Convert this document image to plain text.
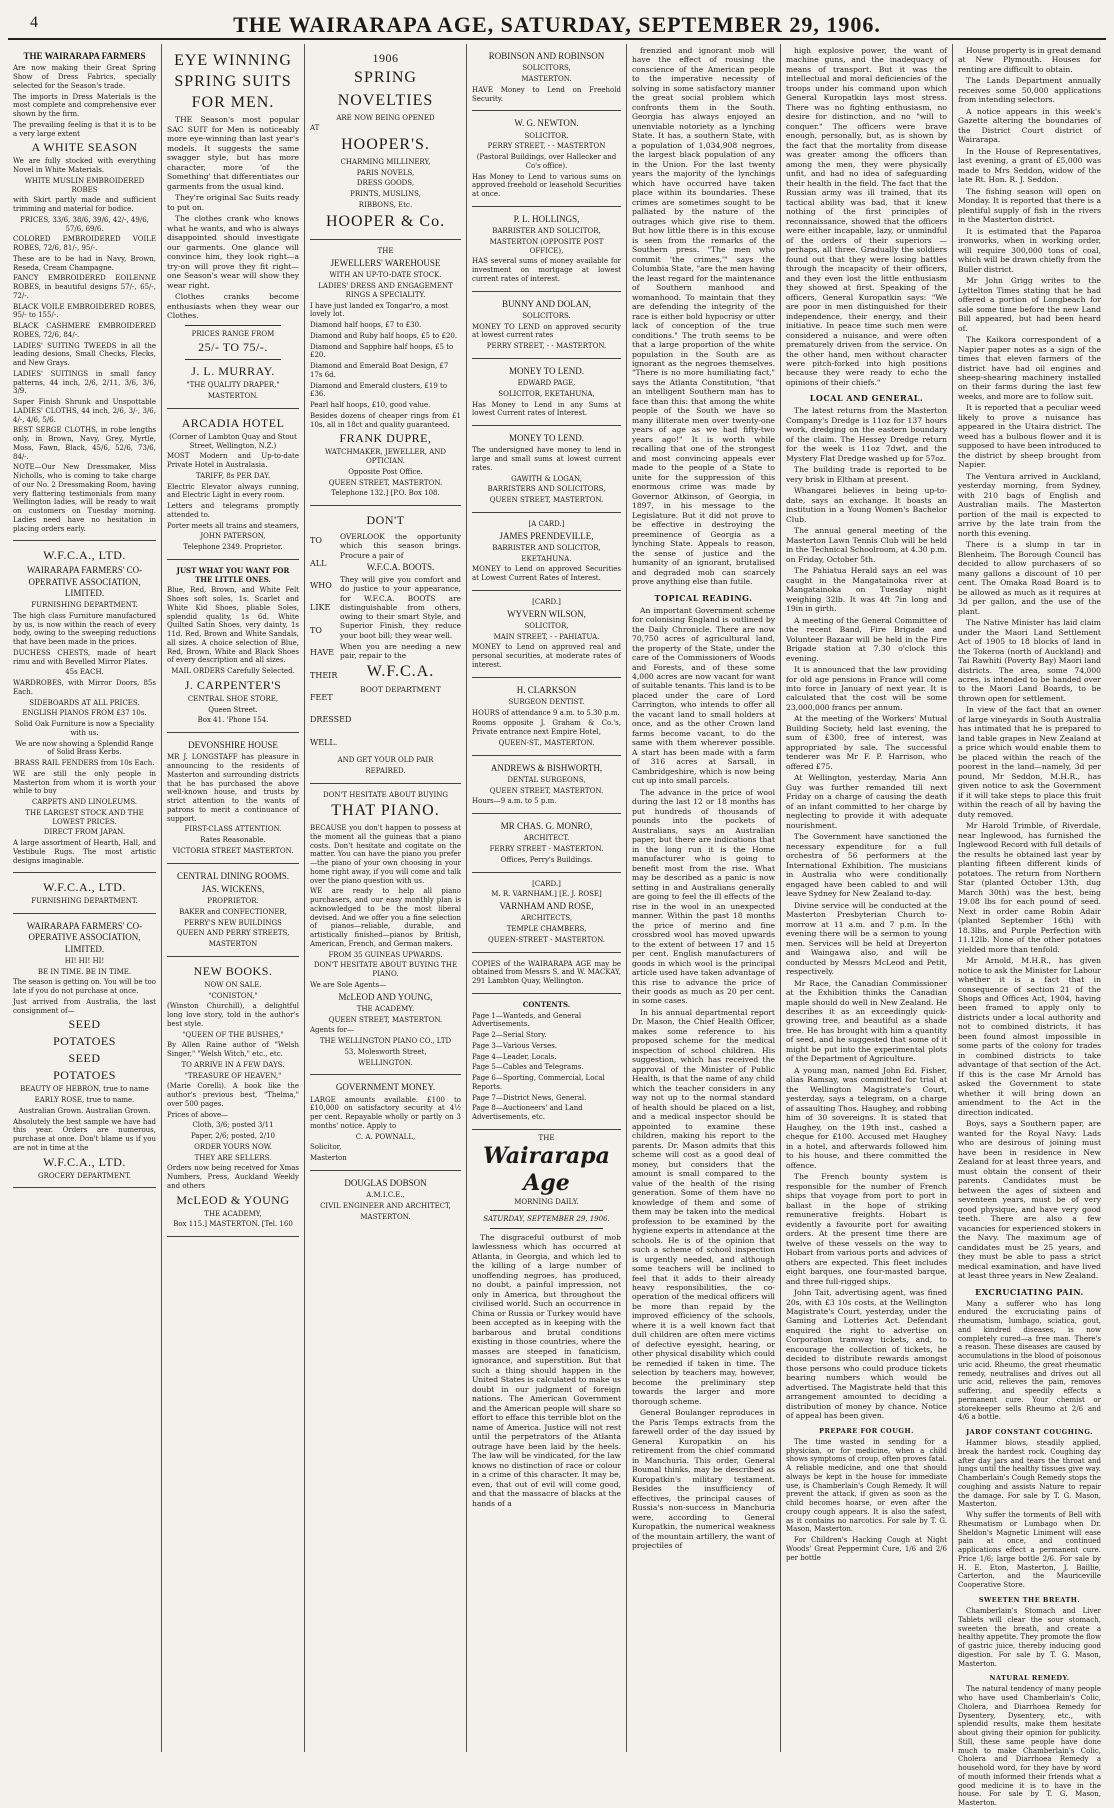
4	THE WAIRARAPA AGE, SATURDAY, SEPTEMBER 29, 1906.

THE WAIRARAPA FARMERS

Are now making their Great Spring Show of Dress Fabrics, specially selected for the Season's trade.

The imports in Dress Materials is the most complete and comprehensive ever shown by the firm.

The prevailing feeling is that it is to be a very large extent

A WHITE SEASON

We are fully stocked with everything Novel in White Materials.

WHITE MUSLIN EMBROIDERED ROBES

with Skirt partly made and sufficient trimming and material for bodice.

PRICES, 33/6, 38/6, 39/6, 42/-, 49/6, 57/6, 69/6.

COLORED EMBROIDERED VOILE ROBES, 72/6, 81/-, 95/-.

These are to be had in Navy, Brown, Reseda, Cream Champagne.

FANCY EMBROIDERED EOILENNE ROBES, in beautiful designs 57/-, 65/-, 72/-.

BLACK VOILE EMBROIDERED ROBES, 95/- to 155/-.

BLACK CASHMERE EMBROIDERED ROBES, 72/6, 84/-.

LADIES' SUITING TWEEDS in all the leading desions, Small Checks, Flecks, and New Grays.

LADIES' SUITINGS in small fancy patterns, 44 inch, 2/6, 2/11, 3/6, 3/6, 3/9.

Super Finish Shrunk and Unspottable LADIES' CLOTHS, 44 inch, 2/6, 3/-, 3/6, 4/-, 4/6, 5/6.

BEST SERGE CLOTHS, in robe lengths only, in Brown, Navy, Grey, Myrtle, Moss, Fawn, Black, 45/6, 52/6, 73/6, 84/-.

NOTE—Our New Dressmaker, Miss Nicholls, who is coming to take charge of our No. 2 Dressmaking Room, having very flattering testimonials from many Wellington ladies, will be ready to wait on customers on Tuesday morning. Ladies need have no hesitation in placing orders early.

W.F.C.A., LTD.

WAIRARAPA FARMERS' CO-OPERATIVE ASSOCIATION, LIMITED.

FURNISHING DEPARTMENT.

The high class Furniture manufactured by us, is now within the reach of every body, owing to the sweeping reductions that have been made in the prices.

DUCHESS CHESTS, made of heart rimu and with Bevelled Mirror Plates.

45s EACH.

WARDROBES, with Mirror Doors, 85s Each.

SIDEBOARDS AT ALL PRICES.

ENGLISH PIANOS FROM £37 10s.

Solid Oak Furniture is now a Speciality with us.

We are now showing a Splendid Range of Solid Brass Kerbs.

BRASS RAIL FENDERS from 10s Each.

WE are still the only people in Masterton from whom it is worth your while to buy

CARPETS AND LINOLEUMS.

THE LARGEST STOCK AND THE LOWEST PRICES.

DIRECT FROM JAPAN.

A large assortment of Hearth, Hall, and Vestibule Rugs. The most artistic designs imaginable.

W.F.C.A., LTD.

FURNISHING DEPARTMENT.

WAIRARAPA FARMERS' CO-OPERATIVE ASSOCIATION, LIMITED.

HI! HI! HI!

BE IN TIME. BE IN TIME.

The season is getting on. You will be too late if you do not purchase at once.

Just arrived from Australia, the last consignment of—

SEED

POTATOES

SEED

POTATOES

BEAUTY OF HEBRON, true to name

EARLY ROSE, true to name.

Australian Grown. Australian Grown.

Absolutely the best sample we have had this year. Orders are numerous, purchase at once. Don't blame us if you are not in time at the

W.F.C.A., LTD.

GROCERY DEPARTMENT.

EYE WINNING SPRING SUITS FOR MEN.

THE Season's most popular SAC SUIT for Men is noticeably more eye-winning than last year's models. It suggests the same swagger style, but has more character, more 'of the Something' that differentiates our garments from the usual kind.

They're original Sac Suits ready to put on.

The clothes crank who knows what he wants, and who is always disappointed should investigate our garments. One glance will convince him, they look right—a try-on will prove they fit right—one Season's wear will show they wear right.

Clothes cranks become enthusiasts when they wear our Clothes.

PRICES RANGE FROM

25/- TO 75/-.

J. L. MURRAY.

"THE QUALITY DRAPER,"

MASTERTON.

ARCADIA HOTEL

(Corner of Lambton Quay and Stout Street, Wellington, N.Z.)

MOST Modern and Up-to-date Private Hotel in Australasia.

TARIFF, 8s PER DAY.

Electric Elevator always running, and Electric Light in every room.

Letters and telegrams promptly attended to.

Porter meets all trains and steamers,

JOHN PATERSON,

Telephone 2349. Proprietor.

JUST WHAT YOU WANT FOR THE LITTLE ONES.

Blue, Red, Brown, and White Felt Shoes soft soles, 1s. Scarlet and White Kid Shoes, pliable Soles, splendid quality, 1s 6d. White Quilted Satin Shoes, very dainty, 1s 11d. Red, Brown and White Sandals, all sizes. A choice selection of Blue, Red, Brown, White and Black Shoes of every description and all sizes.

MAIL ORDERS Carefully Selected.

J. CARPENTER'S

CENTRAL SHOE STORE,

Queen Street.

Box 41. 'Phone 154.

DEVONSHIRE HOUSE

MR J. LONGSTAFF has pleasure in announcing to the residents of Masterton and surrounding districts that he has purchased the above well-known house, and trusts by strict attention to the wants of patrons to merit a continuance of support.

FIRST-CLASS ATTENTION.

Rates Reasonable.

VICTORIA STREET MASTERTON.

CENTRAL DINING ROOMS.

JAS. WICKENS,

PROPRIETOR.

BAKER and CONFECTIONER,

PERRY'S NEW BUILDINGS

QUEEN AND PERRY STREETS,

MASTERTON

NEW BOOKS.

NOW ON SALE.

"CONISTON,"

(Winston Churchill), a delightful long love story, told in the author's best style.

"QUEEN OF THE BUSHES,"

By Allen Raine author of "Welsh Singer," "Welsh Witch," etc., etc.

TO ARRIVE IN A FEW DAYS.

"TREASURE OF HEAVEN,"

(Marie Corelli). A book like the author's previous best, "Thelma," over 500 pages.

Prices of above—

Cloth, 3/6; posted 3/11

Paper, 2/6; posted, 2/10

ORDER YOURS NOW.

THEY ARE SELLERS.

Orders now being received for Xmas Numbers, Press, Auckland Weekly and others

McLEOD & YOUNG

THE ACADEMY,

Box 115.] MASTERTON. [Tel. 160

1906

SPRING

NOVELTIES

ARE NOW BEING OPENED

AT

HOOPER'S.

CHARMING MILLINERY,

PARIS NOVELS,

DRESS GOODS,

PRINTS, MUSLINS,

RIBBONS, Etc.

HOOPER & Co.

THE

JEWELLERS' WAREHOUSE

WITH AN UP-TO-DATE STOCK.

LADIES' DRESS AND ENGAGEMENT RINGS A SPECIALITY.

I have just landed ex Tongar'ro, a most lovely lot.

Diamond half hoops, £7 to £30.

Diamond and Ruby half hoops, £5 to £20.

Diamond and Sapphire half hoops, £5 to £20.

Diamond and Emerald Boat Design, £7 17s 6d.

Diamond and Emerald clusters, £19 to £36.

Pearl half hoops, £10, good value.

Besides dozens of cheaper rings from £1 10s, all in 18ct and quality guaranteed.

FRANK DUPRE,

WATCHMAKER, JEWELLER, AND OPTICIAN.

Opposite Post Office.

QUEEN STREET, MASTERTON.

Telephone 132.] [P.O. Box 108.

DON'T

TO
ALL
WHO
LIKE
TO
HAVE
THEIR
FEET
DRESSED
WELL.

OVERLOOK the opportunity which this season brings. Procure a pair of

W.F.C.A. BOOTS.

They will give you comfort and do justice to your appearance, for W.F.C.A. BOOTS are distinguishable from others, owing to their smart Style, and Superior Finish, they reduce your boot bill; they wear well.

When you are needing a new pair, repair to the

W.F.C.A.

BOOT DEPARTMENT

AND GET YOUR OLD PAIR

REPAIRED.

DON'T HESITATE ABOUT BUYING

THAT PIANO.

BECAUSE you don't happen to possess at the moment all the guineas that a piano costs. Don't hesitate and cogitate on the matter. You can have the piano you prefer—the piano of your own choosing in your home right away, if you will come and talk over the piano question with us.

WE are ready to help all piano purchasers, and our easy monthly plan is acknowledged to be the most liberal devised. And we offer you a fine selection of pianos—reliable, durable, and artistically finished—pianos by British, American, French, and German makers.

FROM 35 GUINEAS UPWARDS.

DON'T HESITATE ABOUT BUYING THE PIANO.

We are Sole Agents—

McLEOD AND YOUNG,

THE ACADEMY.

QUEEN STREET, MASTERTON.

Agents for—

THE WELLINGTON PIANO CO., LTD

53, Molesworth Street,

WELLINGTON.

GOVERNMENT MONEY.

LARGE amounts available. £100 to £10,000 on satisfactory security at 4½ per cent. Repayable wholly or partly on 3 months' notice. Apply to

C. A. POWNALL,

Solicitor,

Masterton

DOUGLAS DOBSON

A.M.I.C.E.,

CIVIL ENGINEER AND ARCHITECT,

MASTERTON.

ROBINSON AND ROBINSON

SOLICITORS,

MASTERTON.

HAVE Money to Lend on Freehold Security.

W. G. NEWTON.

SOLICITOR.

PERRY STREET, - - MASTERTON

(Pastoral Buildings, over Hallecker and Co's office).

Has Money to Lend to various sums on approved freehold or leasehold Securities at once.

P. L. HOLLINGS,

BARRISTER AND SOLICITOR,

MASTERTON (OPPOSITE POST OFFICE),

HAS several sums of money available for investment on mortgage at lowest current rates of interest.

BUNNY AND DOLAN,

SOLICITORS.

MONEY TO LEND on approved security at lowest current rates

PERRY STREET, - - MASTERTON.

MONEY TO LEND.

EDWARD PAGE,

SOLICITOR, EKETAHUNA,

Has Money to Lend in any Sums at lowest Current rates of Interest.

MONEY TO LEND.

The undersigned have money to lend in large and small sums at lowest current rates.

GAWITH & LOGAN,

BARRISTERS AND SOLICITORS,

QUEEN STREET, MASTERTON.

[A CARD.]

JAMES PRENDEVILLE,

BARRISTER AND SOLICITOR,

EKETAHUNA.

MONEY to Lend on approved Securities at Lowest Current Rates of Interest.

[CARD.]

WYVERN WILSON,

SOLICITOR,

MAIN STREET, - - PAHIATUA.

MONEY to Lend on approved real and personal securities, at moderate rates of interest.

H. CLARKSON

SURGEON DENTIST.

HOURS of attendance 9 a.m. to 5.30 p.m.

Rooms opposite J. Graham & Co.'s, Private entrance next Empire Hotel,

QUEEN-ST., MASTERTON.

ANDREWS & BISHWORTH,

DENTAL SURGEONS,

QUEEN STREET, MASTERTON.

Hours—9 a.m. to 5 p.m.

MR CHAS. G. MONRO,

ARCHITECT.

FERRY STREET - MASTERTON.

Offices, Perry's Buildings.

[CARD.]

M. R. VARNHAM.] [E. J. ROSE]

VARNHAM AND ROSE,

ARCHITECTS,

TEMPLE CHAMBERS,

QUEEN-STREET - MASTERTON.

COPIES of the WAIRARAPA AGE may be obtained from Messrs S. and W. MACKAY, 291 Lambton Quay, Wellington.

CONTENTS.

Page 1—Wanteds, and General Advertisements.

Page 2—Serial Story.

Page 3—Various Verses.

Page 4—Leader, Locals.

Page 5—Cables and Telegrams.

Page 6—Sporting, Commercial, Local Reports.

Page 7—District News, General.

Page 8—Auctioneers' and Land Advertisements, etc.

THE

Wairarapa Age

MORNING DAILY.

SATURDAY, SEPTEMBER 29, 1906.

The disgraceful outburst of mob lawlessness which has occurred at Atlanta, in Georgia, and which led to the killing of a large number of unoffending negroes, has produced, no doubt, a painful impression, not only in America, but throughout the civilised world. Such an occurrence in China or Russia or Turkey would have been accepted as in keeping with the barbarous and brutal conditions existing in those countries, where the masses are steeped in fanaticism, ignorance, and superstition. But that such a thing should happen in the United States is calculated to make us doubt in our judgment of foreign nations. The American Government and the American people will share so effort to efface this terrible blot on the name of America. Justice will not rest until the perpetrators of the Atlanta outrage have been laid by the heels. The law will be vindicated, for the law knows no distinction of race or colour in a crime of this character. It may be, even, that out of evil will come good, and that the massacre of blacks at the hands of a

frenzied and ignorant mob will have the effect of rousing the conscience of the American people to the imperative necessity of solving in some satisfactory manner the great social problem which confronts them in the South. Georgia has always enjoyed an unenviable notoriety as a lynching State. It has, a southern State, with a population of 1,034,908 negroes, the largest black population of any in the Union. For the last twenty years the majority of the lynchings which have occurred have taken place within its boundaries. These crimes are sometimes sought to be palliated by the nature of the outrages which give rise to them. But how little there is in this excuse is seen from the remarks of the Southern press. "The men who commit 'the crimes,'" says the Columbia State, "are the men having the least regard for the maintenance of Southern manhood and womanhood. To maintain that they are defending the integrity of the race is either bold hypocrisy or utter lack of conception of the true conditions." The truth seems to be that a large proportion of the white population in the South are as ignorant as the negroes themselves. "There is no more humiliating fact," says the Atlanta Constitution, "that an intelligent Southern man has to face than this: that among the white people of the South we have so many illiterate men over twenty-one years of age as we had fifty-two years ago!" It is worth while recalling that one of the strongest and most convincing appeals ever made to the people of a State to unite for the suppression of this enormous crime was made by Governor Atkinson, of Georgia, in 1897, in his message to the Legislature. But it did not prove to be effective in destroying the preeminence of Georgia as a lynching State. Appeals to reason, the sense of justice and the humanity of an ignorant, brutalised and degraded mob can scarcely prove anything else than futile.

TOPICAL READING.

An important Government scheme for colonising England is outlined by the Daily Chronicle. There are now 70,750 acres of agricultural land, the property of the State, under the care of the Commissioners of Woods and Forests, and of these some 4,000 acres are now vacant for want of suitable tenants. This land is to be placed under the care of Lord Carrington, who intends to offer all the vacant land to small holders at once, and as the other Crown land farms become vacant, to do the same with them wherever possible. A start has been made with a farm of 316 acres at Sarsall, in Cambridgeshire, which is now being cut up into small parcels.

The advance in the price of wool during the last 12 or 18 months has put hundreds of thousands of pounds into the pockets of Australians, says an Australian paper, but there are indications that in the long run it is the Home manufacturer who is going to benefit most from the rise. What may be described as a panic is now setting in and Australians generally are going to feel the ill effects of the rise in the wool in an unexpected manner. Within the past 18 months the price of merino and fine crossbred wool has moved upwards to the extent of between 17 and 15 per cent. English manufacturers of goods in which wool is the principal article used have taken advantage of this rise to advance the price of their goods as much as 20 per cent. in some cases.

In his annual departmental report Dr. Mason, the Chief Health Officer, makes some reference to his proposed scheme for the medical inspection of school children. His suggestion, which has received the approval of the Minister of Public Health, is that the name of any child which the teacher considers in any way not up to the normal standard of health should be placed on a list, and a medical inspector should be appointed to examine these children, making his report to the parents. Dr. Mason admits that this scheme will cost as a good deal of money, but considers that the amount is small compared to the value of the health of the rising generation. Some of them have no knowledge of them and some of them may be taken into the medical profession to be examined by the hygiene experts in attendance at the schools. He is of the opinion that such a scheme of school inspection is urgently needed, and although some teachers will be inclined to feel that it adds to their already heavy responsibilities, the co-operation of the medical officers will be more than repaid by the improved efficiency of the schools, where it is a well known fact that dull children are often mere victims of defective eyesight, hearing, or other physical disability which could be remedied if taken in time. The selection by teachers may, however, become the preliminary step towards the larger and more thorough scheme.

General Boulanger reproduces in the Paris Temps extracts from the farewell order of the day issued by General Kuropatkin on his retirement from the chief command in Manchuria. This order, General Boumal thinks, may be described as Kuropatkin's military testament. Besides the insufficiency of effectives, the principal causes of Russia's non-success in Manchuria were, according to General Kuropatkin, the numerical weakness of the mountain artillery, the want of projectiles of

high explosive power, the want of machine guns, and the inadequacy of means of transport. But it was the intellectual and moral deficiencies of the troops under his command upon which General Kuropatkin lays most stress. There was no fighting enthusiasm, no desire for distinction, and no "will to conquer." The officers were brave enough, personally, but, as is shown by the fact that the mortality from disease was greater among the officers than among the men, they were physically unfit, and had no idea of safeguarding their health in the field. The fact that the Russian army was ill trained, that its tactical ability was bad, that it knew nothing of the first principles of reconnaissance, showed that the officers were either incapable, lazy, or unmindful of the orders of their superiors — perhaps, all three. Gradually the soldiers found out that they were losing battles through the incapacity of their officers, and they even lost the little enthusiasm they showed at first. Speaking of the officers, General Kuropatkin says: "We are poor in men distinguished for their independence, their energy, and their initiative. In peace time such men were considered a nuisance, and were often prematurely driven from the service. On the other hand, men without character were pitch-forked into high positions because they were ready to echo the opinions of their chiefs."

LOCAL AND GENERAL.

The latest returns from the Masterton Company's Dredge is 11oz for 137 hours work, dredging on the eastern boundary of the claim. The Hessey Dredge return for the week is 11oz 7dwt, and the Mystery Flat Dredge washed up for 57oz.

The building trade is reported to be very brisk in Eltham at present.

Whangarei believes in being up-to-date, says an exchange. It boasts an institution in a Young Women's Bachelor Club.

The annual general meeting of the Masterton Lawn Tennis Club will be held in the Technical Schoolroom, at 4.30 p.m. on Friday, October 5th.

The Pahiatua Herald says an eel was caught in the Mangatainoka river at Mangatainoka on Tuesday night weighing 32lb. It was 4ft 7in long and 19in in girth.

A meeting of the General Committee of the recent Band, Fire Brigade and Volunteer Bazaar will be held in the Fire Brigade station at 7.30 o'clock this evening.

It is announced that the law providing for old age pensions in France will come into force in January of next year. It is calculated that the cost will be some 23,000,000 francs per annum.

At the meeting of the Workers' Mutual Building Society, held last evening, the sum of £300, free of interest, was appropriated by sale. The successful tenderer was Mr F. P. Harrison, who offered £75.

At Wellington, yesterday, Maria Ann Guy was further remanded till next Friday on a charge of causing the death of an infant committed to her charge by neglecting to provide it with adequate nourishment.

The Government have sanctioned the necessary expenditure for a full orchestra of 56 performers at the International Exhibition. The musicians in Australia who were conditionally engaged have been cabled to and will leave Sydney for New Zealand to-day.

Divine service will be conducted at the Masterton Presbyterian Church to-morrow at 11 a.m. and 7 p.m. In the evening there will be a sermon to young men. Services will be held at Dreyerton and Waingawa also, and will be conducted by Messrs McLeod and Petit, respectively.

Mr Race, the Canadian Commissioner at the Exhibition thinks the Canadian maple should do well in New Zealand. He describes it as an exceedingly quick-growing tree, and beautiful as a shade tree. He has brought with him a quantity of seed, and he suggested that some of it might be put into the experimental plots of the Department of Agriculture.

A young man, named John Ed. Fisher, alias Ramsay, was committed for trial at the Wellington Magistrate's Court, yesterday, says a telegram, on a charge of assaulting Thos. Haughey, and robbing him of 30 sovereigns. It is stated that Haughey, on the 19th inst., cashed a cheque for £100. Accused met Haughey in a hotel, and afterwards followed him to his house, and there committed the offence.

The French bounty system is responsible for the number of French ships that voyage from port to port in ballast in the hope of striking remunerative freights. Hobart is evidently a favourite port for awaiting orders. At the present time there are twelve of these vessels on the way to Hobart from various ports and advices of others are expected. This fleet includes eight barques, one four-masted barque, and three full-rigged ships.

John Tait, advertising agent, was fined 20s, with £3 10s costs, at the Wellington Magistrate's Court, yesterday, under the Gaming and Lotteries Act. Defendant enquired the right to advertise on Corporation tramway tickets, and, to encourage the collection of tickets, he decided to distribute rewards amongst those persons who could produce tickets bearing numbers which would be advertised. The Magistrate held that this arrangement amounted to deciding a distribution of money by chance. Notice of appeal has been given.

PREPARE FOR COUGH.

The time wasted in sending for a physician, or for medicine, when a child shows symptoms of croup, often proves fatal. A reliable medicine, and one that should always be kept in the house for immediate use, is Chamberlain's Cough Remedy. It will prevent the attack, if given as soon as the child becomes hoarse, or even after the croupy cough appears. It is also the safest, as it contains no narcotics. For sale by T. G. Mason, Masterton.

For Children's Hacking Cough at Night Woods' Great Peppermint Cure, 1/6 and 2/6 per bottle

House property is in great demand at New Plymouth. Houses for renting are difficult to obtain.

The Lands Department annually receives some 50,000 applications from intending selectors.

A notice appears in this week's Gazette altering the boundaries of the District Court district of Wairarapa.

In the House of Representatives, last evening, a grant of £5,000 was made to Mrs Seddon, widow of the late Rt. Hon. R. J. Seddon.

The fishing season will open on Monday. It is reported that there is a plentiful supply of fish in the rivers in the Masterton district.

It is estimated that the Paparoa ironworks, when in working order, will require 300,000 tons of coal, which will be drawn chiefly from the Buller district.

Mr John Grigg writes to the Lyttelton Times stating that he had offered a portion of Longbeach for sale some time before the new Land Bill appeared, but had been heard of.

The Kaikora correspondent of a Napier paper notes as a sign of the times that eleven farmers of the district have had oil engines and sheep-shearing machinery installed on their farms during the last few weeks, and more are to follow suit.

It is reported that a peculiar weed likely to prove a nuisance has appeared in the Utaira district. The weed has a bulbous flower and it is supposed to have been introduced to the district by sheep brought from Napier.

The Ventura arrived in Auckland, yesterday morning, from Sydney, with 210 bags of English and Australian mails. The Masterton portion of the mail is expected to arrive by the late train from the north this evening.

There is a slump in tar in Blenheim. The Borough Council has decided to allow purchasers of so many gallons a discount of 10 per cent. The Omaka Road Board is to be allowed as much as it requires at 3d per gallon, and the use of the plant.

The Native Minister has laid claim under the Maori Land Settlement Act of 1905 to 18 blocks of land in the Tokeroa (north of Auckland) and Tai Rawhiti (Poverty Bay) Maori land districts. The area, some 74,000 acres, is intended to be handed over to the Maori Land Boards, to be thrown open for settlement.

In view of the fact that an owner of large vineyards in South Australia has intimated that he is prepared to land table grapes in New Zealand at a price which would enable them to be placed within the reach of the poorest in the land—namely, 3d per pound, Mr Seddon, M.H.R., has given notice to ask the Government if it will take steps to place this fruit within the reach of all by having the duty removed.

Mr Harold Trimble, of Riverdale, near Inglewood, has furnished the Inglewood Record with full details of the results he obtained last year by planting fifteen different kinds of potatoes. The return from Northern Star (planted October 13th, dug March 30th) was the best, being 19.08 lbs for each pound of seed. Next in order came Robin Adair (planted September 16th) with 18.3lbs, and Purple Perfection with 11.12lb. None of the other potatoes yielded more than tenfold.

Mr Arnold, M.H.R., has given notice to ask the Minister for Labour whether it is a fact that in consequence of section 21 of the Shops and Offices Act, 1904, having been framed to apply only to districts under a local authority and not to combined districts, it has been found almost impossible in some parts of the colony for trades in combined districts to take advantage of that section of the Act. If this is the case Mr Arnold has asked the Government to state whether it will bring down an amendment to the Act in the direction indicated.

Boys, says a Southern paper, are wanted for the Royal Navy. Lads who are desirous of joining must have been in residence in New Zealand for at least three years, and must obtain the consent of their parents. Candidates must be between the ages of sixteen and seventeen years, must be of very good physique, and have very good teeth. There are also a few vacancies for experienced stokers in the Navy. The maximum age of candidates must be 25 years, and they must be able to pass a strict medical examination, and have lived at least three years in New Zealand.

EXCRUCIATING PAIN.

Many a sufferer who has long endured the excruciating pains of rheumatism, lumbago, sciatica, gout, and kindred diseases, is now completely cured—a free man. There's a reason. These diseases are caused by accumulations in the blood of poisonous uric acid. Rheumo, the great rheumatic remedy, neutralises and drives out all uric acid, relieves the pain, removes suffering, and speedily effects a permanent cure. Your chemist or storekeeper sells Rheumo at 2/6 and 4/6 a bottle.

JAROF CONSTANT COUGHING.

Hammer blows, steadily applied, break the hardest rock. Coughing day after day jars and tears the throat and lungs until the healthy tissues give way. Chamberlain's Cough Remedy stops the coughing and assists Nature to repair the damage. For sale by T. G. Mason, Masterton.

Why suffer the torments of Bell with Rheumatism or Lumbago when Dr. Sheldon's Magnetic Liniment will ease pain at once, and continued applications effect a permanent cure. Price 1/6; large bottle 2/6. For sale by H. E. Eton, Masterton, J. Baillie, Carterton, and the Mauriceville Cooperative Store.

SWEETEN THE BREATH.

Chamberlain's Stomach and Liver Tablets will clear the sour stomach, sweeten the breath, and create a healthy appetite. They promote the flow of gastric juice, thereby inducing good digestion. For sale by T. G. Mason, Masterton.

NATURAL REMEDY.

The natural tendency of many people who have used Chamberlain's Colic, Cholera, and Diarrhoea Remedy for Dysentery, Dysentery, etc., with splendid results, make them hesitate about giving their opinion for publicity. Still, these same people have done much to make Chamberlain's Colic, Cholera and Diarrhoea Remedy a household word, for they have by word of mouth informed their friends what a good medicine it is to have in the house. For sale by T. G. Mason, Masterton.
